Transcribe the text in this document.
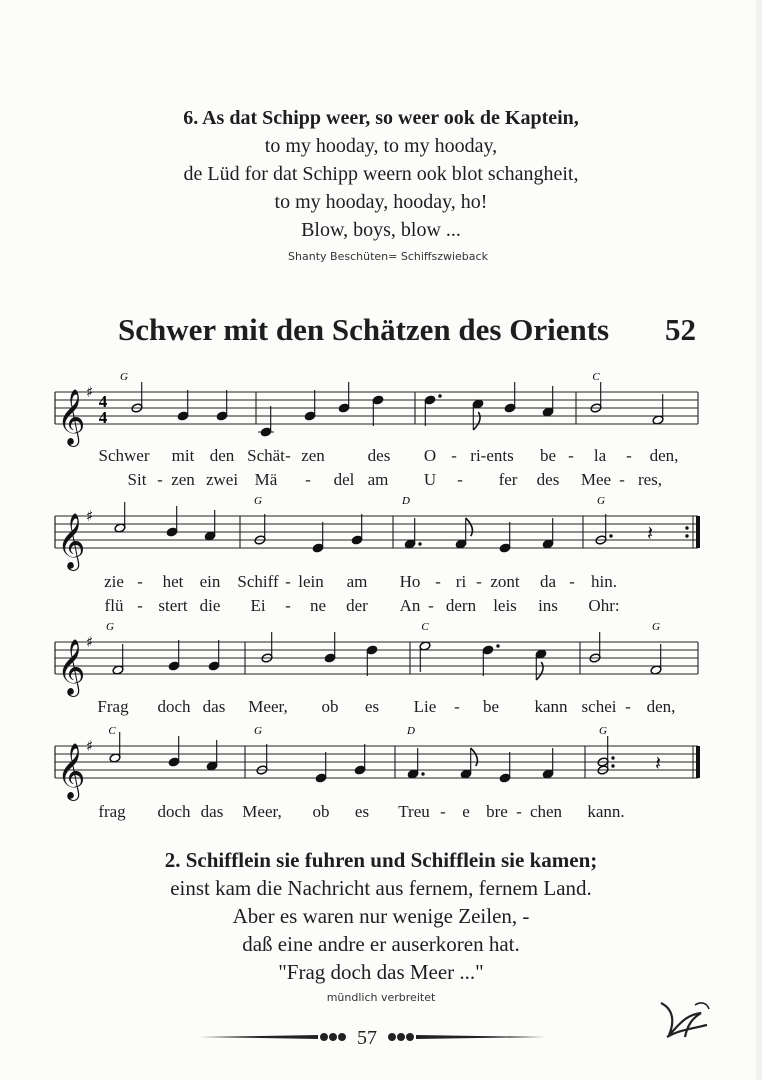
6. As dat Schipp weer, so weer ook de Kaptein,
to my hooday, to my hooday,
de Lüd for dat Schipp weern ook blot schangheit,
to my hooday, hooday, ho!
Blow, boys, blow ...
Shanty Beschüten= Schiffszwieback
Schwer mit den Schätzen des Orients 52
𝄞 ♯ 4
4
G	C
Schwer mit den Schät - zen	des O - ri-ents be - la - den,
Sit - zen zwei Mä - del am U - fer des Mee - res,
𝄞 ♯
G	D	G
𝄽
zie - het ein Schiff - lein am Ho - ri - zont da - hin.
flü - stert die Ei - ne der An - dern leis ins Ohr:
𝄞 ♯
G	C	G
Frag doch das Meer, ob es Lie - be kann schei - den,
𝄞 ♯
C	G	D	G
𝄽
frag doch das Meer, ob es Treu - e bre - chen kann.
2. Schifflein sie fuhren und Schifflein sie kamen;
einst kam die Nachricht aus fernem, fernem Land.
Aber es waren nur wenige Zeilen, -
daß eine andre er auserkoren hat.
"Frag doch das Meer ..."
mündlich verbreitet
57
